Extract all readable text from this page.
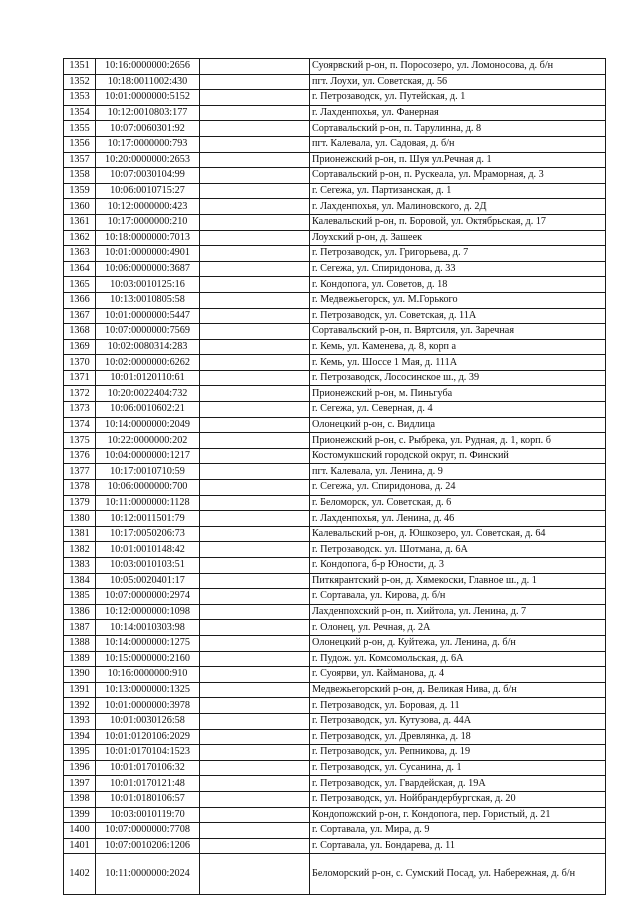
1351	10:16:0000000:2656		Суоярвский р-он, п. Поросозеро, ул. Ломоносова, д. б/н
1352	10:18:0011002:430		пгт. Лоухи, ул. Советская, д. 56
1353	10:01:0000000:5152		г. Петрозаводск, ул. Путейская, д. 1
1354	10:12:0010803:177		г. Лахденпохья, ул. Фанерная
1355	10:07:0060301:92		Сортавальский р-он, п. Тарулинна, д. 8
1356	10:17:0000000:793		пгт. Калевала, ул. Садовая, д. б/н
1357	10:20:0000000:2653		Прионежский р-он, п. Шуя ул.Речная д. 1
1358	10:07:0030104:99		Сортавальский р-он, п. Рускеала, ул. Мраморная, д. 3
1359	10:06:0010715:27		г. Сегежа, ул. Партизанская, д. 1
1360	10:12:0000000:423		г. Лахденпохья, ул. Малиновского, д. 2Д
1361	10:17:0000000:210		Калевальский р-он, п. Боровой, ул. Октябрьская, д. 17
1362	10:18:0000000:7013		Лоухский р-он, д. Зашеек
1363	10:01:0000000:4901		г. Петрозаводск, ул. Григорьева, д. 7
1364	10:06:0000000:3687		г. Сегежа, ул. Спиридонова, д. 33
1365	10:03:0010125:16		г. Кондопога, ул. Советов, д. 18
1366	10:13:0010805:58		г. Медвежьегорск, ул. М.Горького
1367	10:01:0000000:5447		г. Петрозаводск, ул. Советская, д. 11А
1368	10:07:0000000:7569		Сортавальский р-он, п. Вяртсиля, ул. Заречная
1369	10:02:0080314:283		г. Кемь, ул. Каменева, д. 8, корп а
1370	10:02:0000000:6262		г. Кемь, ул. Шоссе 1 Мая, д. 111А
1371	10:01:0120110:61		г. Петрозаводск, Лососинское ш., д. 39
1372	10:20:0022404:732		Прионежский р-он, м. Пиньгуба
1373	10:06:0010602:21		г. Сегежа, ул. Северная, д. 4
1374	10:14:0000000:2049		Олонецкий р-он, с. Видлица
1375	10:22:0000000:202		Прионежский р-он, с. Рыбрека, ул. Рудная, д. 1, корп. б
1376	10:04:0000000:1217		Костомукшский городской округ, п. Финский
1377	10:17:0010710:59		пгт. Калевала, ул. Ленина, д. 9
1378	10:06:0000000:700		г. Сегежа, ул. Спиридонова, д. 24
1379	10:11:0000000:1128		г. Беломорск, ул. Советская, д. 6
1380	10:12:0011501:79		г. Лахденпохья, ул. Ленина, д. 46
1381	10:17:0050206:73		Калевальский р-он, д. Юшкозеро, ул. Советская, д. 64
1382	10:01:0010148:42		г. Петрозаводск. ул. Шотмана, д. 6А
1383	10:03:0010103:51		г. Кондопога, б-р Юности, д. 3
1384	10:05:0020401:17		Питкярантский р-он, д. Хямекоски, Главное ш., д. 1
1385	10:07:0000000:2974		г. Сортавала, ул. Кирова, д. б/н
1386	10:12:0000000:1098		Лахденпохский р-он, п. Хийтола, ул. Ленина, д. 7
1387	10:14:0010303:98		г. Олонец, ул. Речная, д. 2А
1388	10:14:0000000:1275		Олонецкий р-он, д. Куйтежа, ул. Ленина, д. б/н
1389	10:15:0000000:2160		г. Пудож. ул. Комсомольская, д. 6А
1390	10:16:0000000:910		г. Суоярви, ул. Кайманова, д. 4
1391	10:13:0000000:1325		Медвежьегорский р-он, д. Великая Нива, д. б/н
1392	10:01:0000000:3978		г. Петрозаводск, ул. Боровая, д. 11
1393	10:01:0030126:58		г. Петрозаводск, ул. Кутузова, д. 44А
1394	10:01:0120106:2029		г. Петрозаводск, ул. Древлянка, д. 18
1395	10:01:0170104:1523		г. Петрозаводск, ул. Репникова, д. 19
1396	10:01:0170106:32		г. Петрозаводск, ул. Сусанина, д. 1
1397	10:01:0170121:48		г. Петрозаводск, ул. Гвардейская, д. 19А
1398	10:01:0180106:57		г. Петрозаводск, ул. Нойбрандербургская, д. 20
1399	10:03:0010119:70		Кондопожский р-он, г. Кондопога, пер. Гористый, д. 21
1400	10:07:0000000:7708		г. Сортавала, ул. Мира, д. 9
1401	10:07:0010206:1206		г. Сортавала, ул. Бондарева, д. 11
1402	10:11:0000000:2024		Беломорский р-он, с. Сумский Посад, ул. Набережная, д. б/н
